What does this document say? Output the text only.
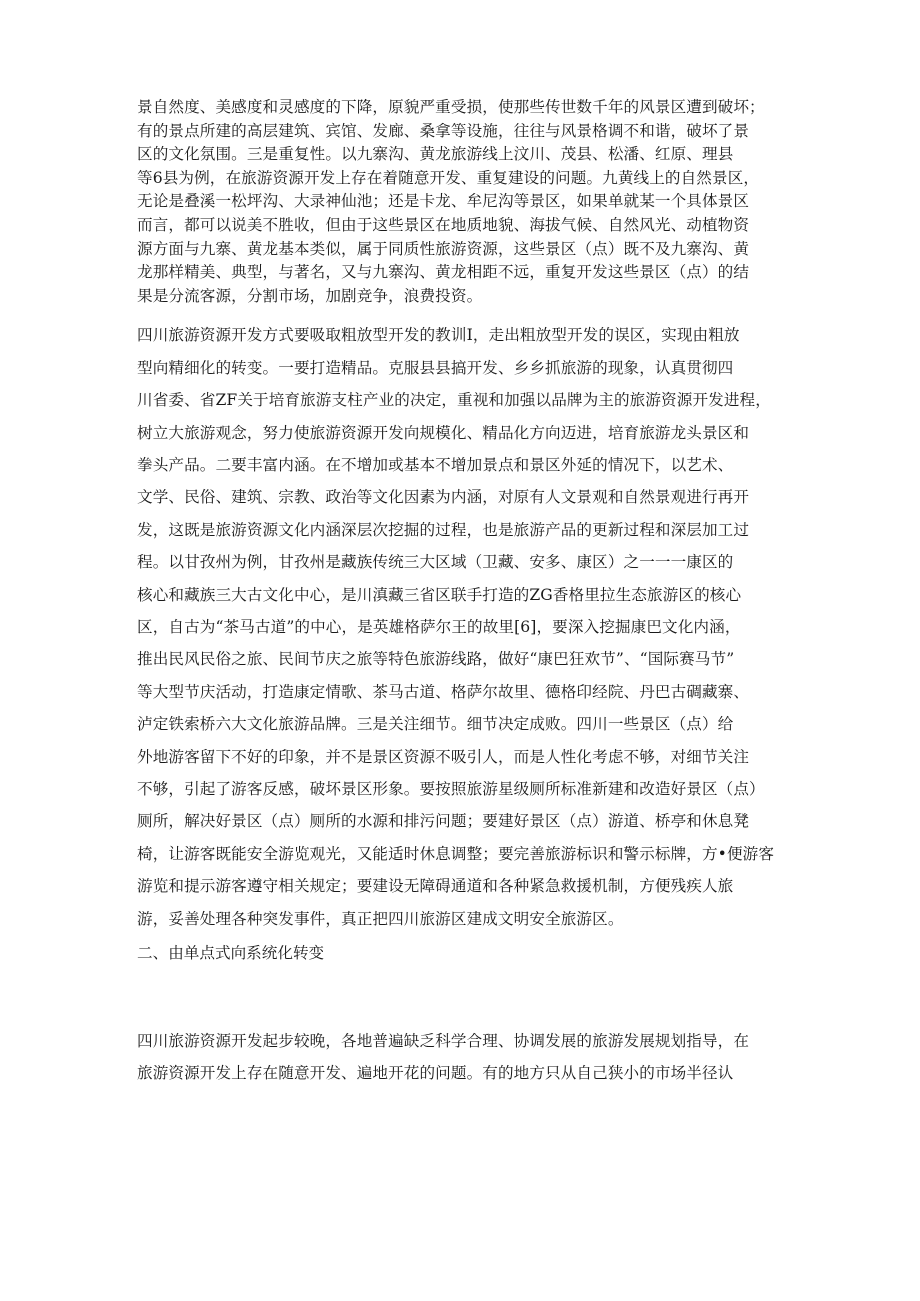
景自然度、美感度和灵感度的下降，原貌严重受损，使那些传世数千年的风景区遭到破坏；
有的景点所建的高层建筑、宾馆、发廊、桑拿等设施，往往与风景格调不和谐，破坏了景
区的文化氛围。三是重复性。以九寨沟、黄龙旅游线上汶川、茂县、松潘、红原、理县
等6县为例，在旅游资源开发上存在着随意开发、重复建设的问题。九黄线上的自然景区，
无论是叠溪一松坪沟、大录神仙池；还是卡龙、牟尼沟等景区，如果单就某一个具体景区
而言，都可以说美不胜收，但由于这些景区在地质地貌、海拔气候、自然风光、动植物资
源方面与九寨、黄龙基本类似，属于同质性旅游资源，这些景区（点）既不及九寨沟、黄
龙那样精美、典型，与著名，又与九寨沟、黄龙相距不远，重复开发这些景区（点）的结
果是分流客源，分割市场，加剧竞争，浪费投资。

四川旅游资源开发方式要吸取粗放型开发的教训I，走出粗放型开发的误区，实现由粗放
型向精细化的转变。一要打造精品。克服县县搞开发、乡乡抓旅游的现象，认真贯彻四
川省委、省ZF关于培育旅游支柱产业的决定，重视和加强以品牌为主的旅游资源开发进程，
树立大旅游观念，努力使旅游资源开发向规模化、精品化方向迈进，培育旅游龙头景区和
拳头产品。二要丰富内涵。在不增加或基本不增加景点和景区外延的情况下，以艺术、
文学、民俗、建筑、宗教、政治等文化因素为内涵，对原有人文景观和自然景观进行再开
发，这既是旅游资源文化内涵深层次挖掘的过程，也是旅游产品的更新过程和深层加工过
程。以甘孜州为例，甘孜州是藏族传统三大区域（卫藏、安多、康区）之一一一康区的
核心和藏族三大古文化中心，是川滇藏三省区联手打造的ZG香格里拉生态旅游区的核心
区，自古为“茶马古道”的中心，是英雄格萨尔王的故里[6]，要深入挖掘康巴文化内涵，
推出民风民俗之旅、民间节庆之旅等特色旅游线路，做好“康巴狂欢节”、“国际赛马节”
等大型节庆活动，打造康定情歌、茶马古道、格萨尔故里、德格印经院、丹巴古碉藏寨、
泸定铁索桥六大文化旅游品牌。三是关注细节。细节决定成败。四川一些景区（点）给
外地游客留下不好的印象，并不是景区资源不吸引人，而是人性化考虑不够，对细节关注
不够，引起了游客反感，破坏景区形象。要按照旅游星级厕所标准新建和改造好景区（点）
厕所，解决好景区（点）厕所的水源和排污问题；要建好景区（点）游道、桥亭和休息凳
椅，让游客既能安全游览观光，又能适时休息调整；要完善旅游标识和警示标牌，方•便游客
游览和提示游客遵守相关规定；要建设无障碍通道和各种紧急救援机制，方便残疾人旅
游，妥善处理各种突发事件，真正把四川旅游区建成文明安全旅游区。

二、由单点式向系统化转变

四川旅游资源开发起步较晚，各地普遍缺乏科学合理、协调发展的旅游发展规划指导，在
旅游资源开发上存在随意开发、遍地开花的问题。有的地方只从自己狭小的市场半径认
